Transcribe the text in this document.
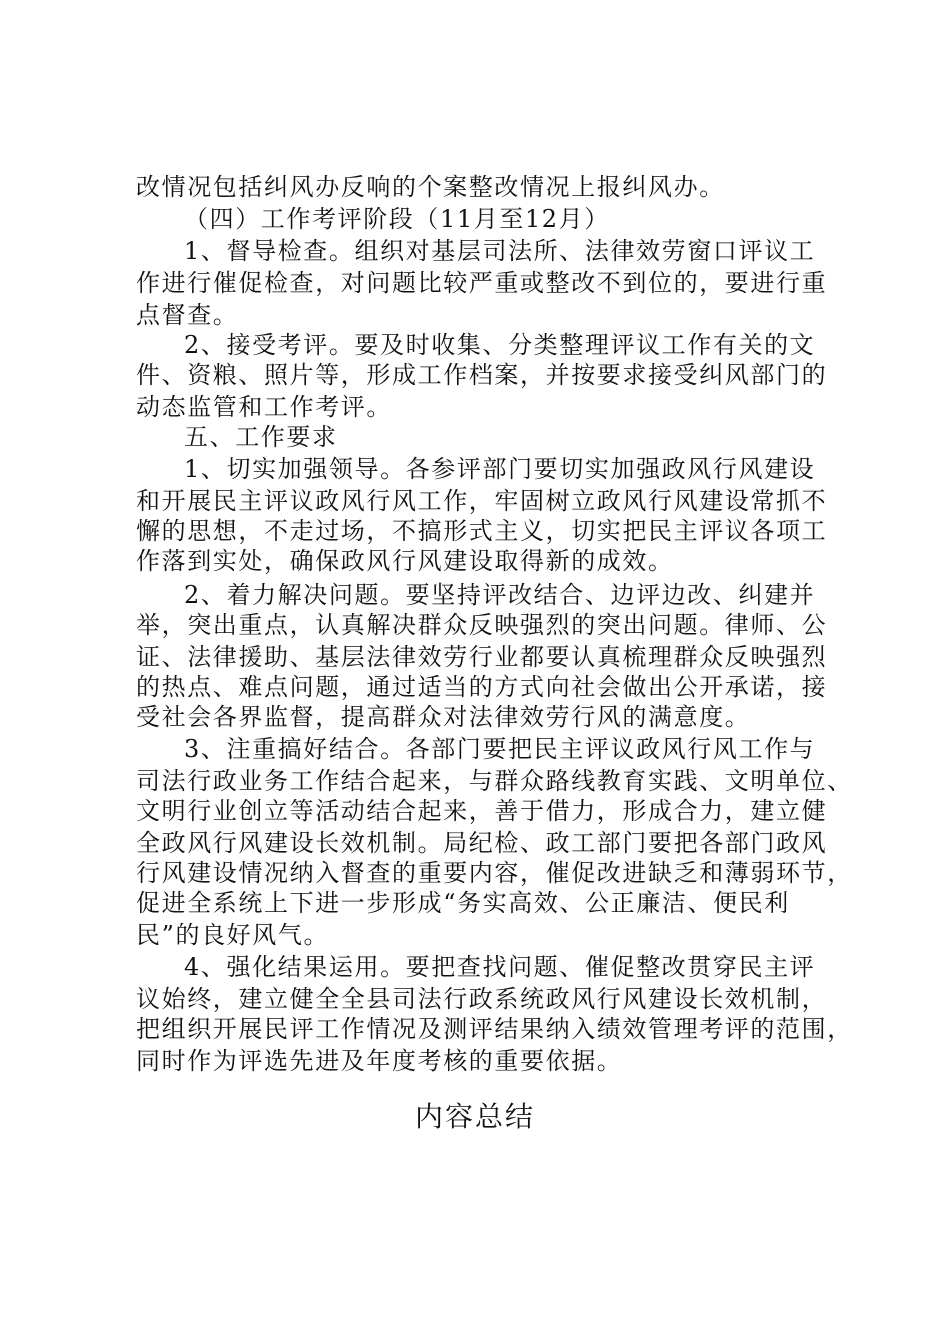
改情况包括纠风办反响的个案整改情况上报纠风办。
（四）工作考评阶段（11月至12月）
1、督导检查。组织对基层司法所、法律效劳窗口评议工
作进行催促检查，对问题比较严重或整改不到位的，要进行重
点督查。
2、接受考评。要及时收集、分类整理评议工作有关的文
件、资粮、照片等，形成工作档案，并按要求接受纠风部门的
动态监管和工作考评。
五、工作要求
1、切实加强领导。各参评部门要切实加强政风行风建设
和开展民主评议政风行风工作，牢固树立政风行风建设常抓不
懈的思想，不走过场，不搞形式主义，切实把民主评议各项工
作落到实处，确保政风行风建设取得新的成效。
2、着力解决问题。要坚持评改结合、边评边改、纠建并
举，突出重点，认真解决群众反映强烈的突出问题。律师、公
证、法律援助、基层法律效劳行业都要认真梳理群众反映强烈
的热点、难点问题，通过适当的方式向社会做出公开承诺，接
受社会各界监督，提高群众对法律效劳行风的满意度。
3、注重搞好结合。各部门要把民主评议政风行风工作与
司法行政业务工作结合起来，与群众路线教育实践、文明单位、
文明行业创立等活动结合起来，善于借力，形成合力，建立健
全政风行风建设长效机制。局纪检、政工部门要把各部门政风
行风建设情况纳入督查的重要内容，催促改进缺乏和薄弱环节，
促进全系统上下进一步形成“务实高效、公正廉洁、便民利
民”的良好风气。
4、强化结果运用。要把查找问题、催促整改贯穿民主评
议始终，建立健全全县司法行政系统政风行风建设长效机制，
把组织开展民评工作情况及测评结果纳入绩效管理考评的范围，
同时作为评选先进及年度考核的重要依据。
内容总结
